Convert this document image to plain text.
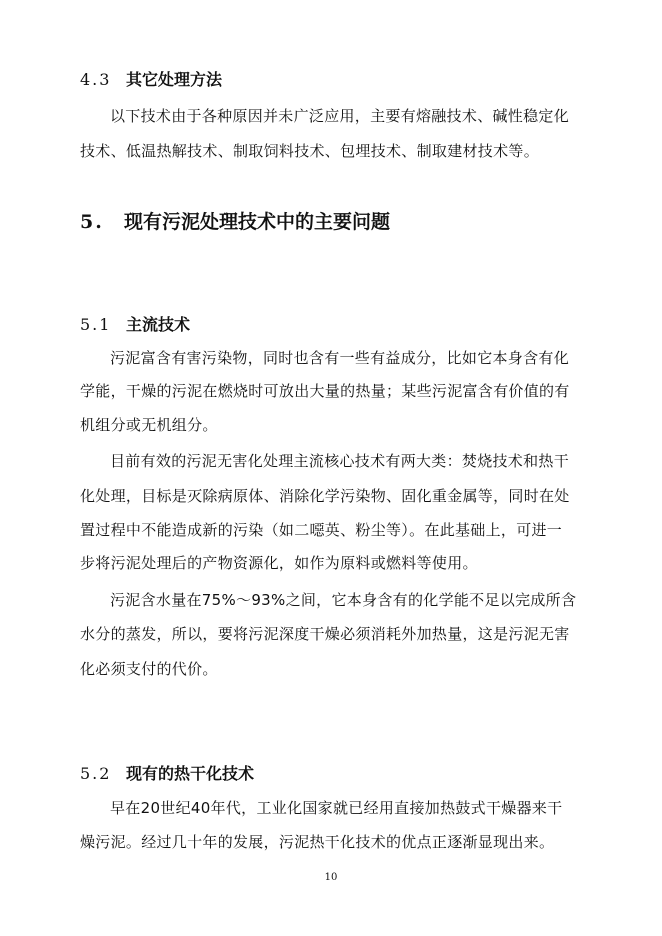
4.3 其它处理方法
以下技术由于各种原因并未广泛应用，主要有熔融技术、碱性稳定化
技术、低温热解技术、制取饲料技术、包埋技术、制取建材技术等。
5. 现有污泥处理技术中的主要问题
5.1 主流技术
污泥富含有害污染物，同时也含有一些有益成分，比如它本身含有化
学能，干燥的污泥在燃烧时可放出大量的热量；某些污泥富含有价值的有
机组分或无机组分。
目前有效的污泥无害化处理主流核心技术有两大类：焚烧技术和热干
化处理，目标是灭除病原体、消除化学污染物、固化重金属等，同时在处
置过程中不能造成新的污染（如二噁英、粉尘等）。在此基础上，可进一
步将污泥处理后的产物资源化，如作为原料或燃料等使用。
污泥含水量在75%～93%之间，它本身含有的化学能不足以完成所含
水分的蒸发，所以，要将污泥深度干燥必须消耗外加热量，这是污泥无害
化必须支付的代价。
5.2 现有的热干化技术
早在20世纪40年代，工业化国家就已经用直接加热鼓式干燥器来干
燥污泥。经过几十年的发展，污泥热干化技术的优点正逐渐显现出来。
10
